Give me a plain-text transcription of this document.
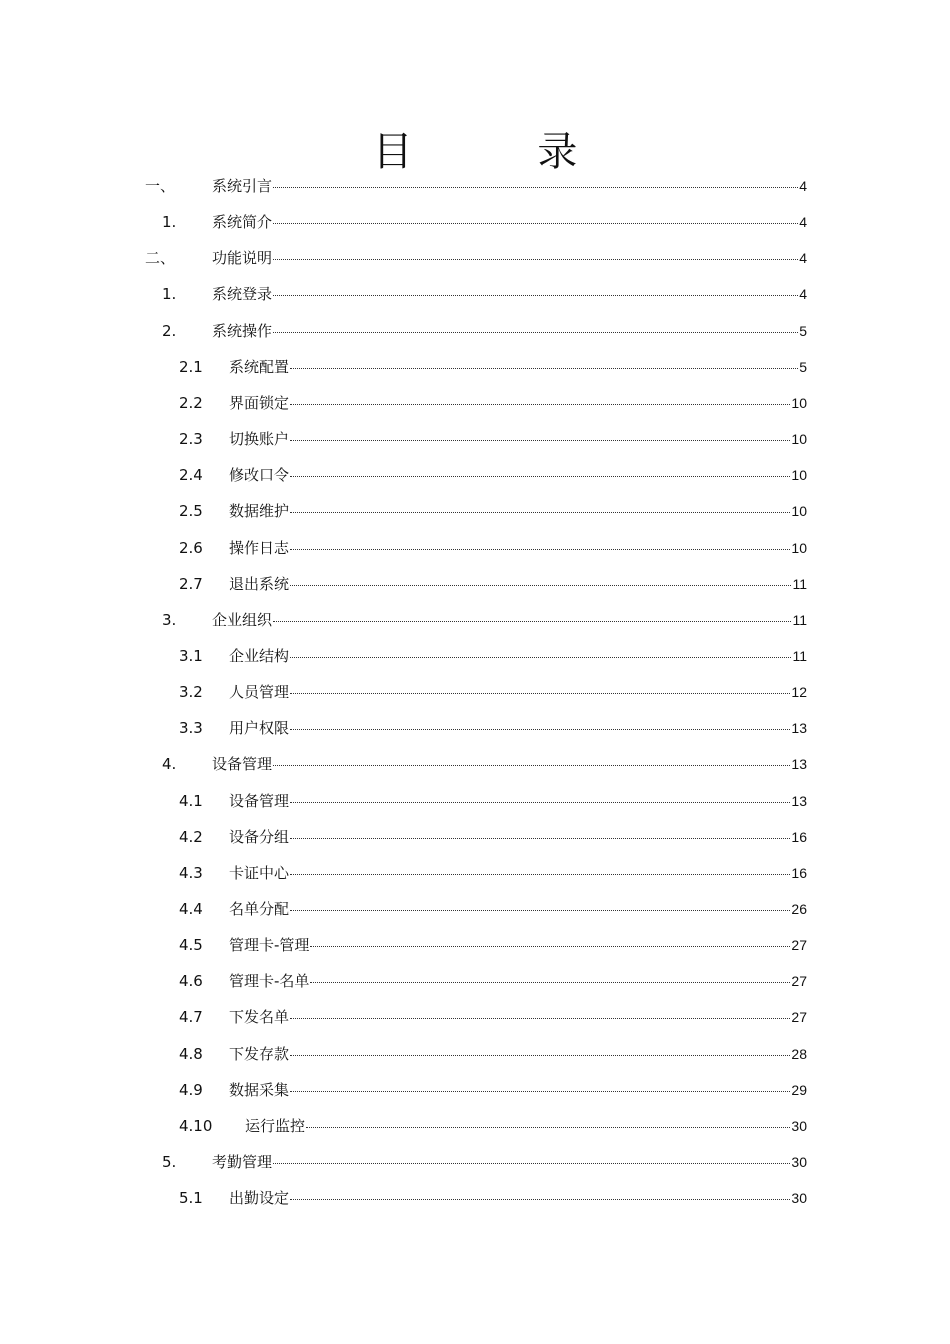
目 录
一、 系统引言	4
1. 系统简介	4
二、 功能说明	4
1. 系统登录	4
2. 系统操作	5
2.1 系统配置	5
2.2 界面锁定	10
2.3 切换账户	10
2.4 修改口令	10
2.5 数据维护	10
2.6 操作日志	10
2.7 退出系统	11
3. 企业组织	11
3.1 企业结构	11
3.2 人员管理	12
3.3 用户权限	13
4. 设备管理	13
4.1 设备管理	13
4.2 设备分组	16
4.3 卡证中心	16
4.4 名单分配	26
4.5 管理卡-管理	27
4.6 管理卡-名单	27
4.7 下发名单	27
4.8 下发存款	28
4.9 数据采集	29
4.10 运行监控	30
5. 考勤管理	30
5.1 出勤设定	30
